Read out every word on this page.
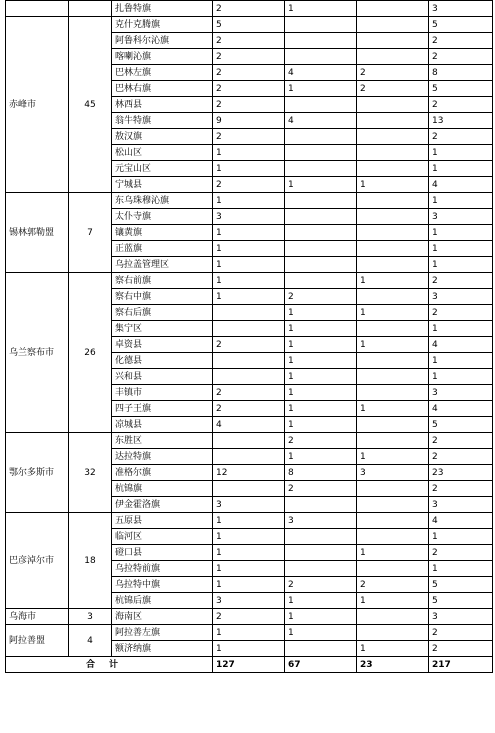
		扎鲁特旗	2	1		3
赤峰市	45	克什克腾旗	5			5
		阿鲁科尔沁旗	2			2
		喀喇沁旗	2			2
		巴林左旗	2	4	2	8
		巴林右旗	2	1	2	5
		林西县	2			2
		翁牛特旗	9	4		13
		敖汉旗	2			2
		松山区	1			1
		元宝山区	1			1
		宁城县	2	1	1	4
锡林郭勒盟	7	东乌珠穆沁旗	1			1
		太仆寺旗	3			3
		镶黄旗	1			1
		正蓝旗	1			1
		乌拉盖管理区	1			1
乌兰察布市	26	察右前旗	1		1	2
		察右中旗	1	2		3
		察右后旗		1	1	2
		集宁区		1		1
		卓资县	2	1	1	4
		化德县		1		1
		兴和县		1		1
		丰镇市	2	1		3
		四子王旗	2	1	1	4
		凉城县	4	1		5
鄂尔多斯市	32	东胜区		2		2
		达拉特旗		1	1	2
		准格尔旗	12	8	3	23
		杭锦旗		2		2
		伊金霍洛旗	3			3
巴彦淖尔市	18	五原县	1	3		4
		临河区	1			1
		磴口县	1		1	2
		乌拉特前旗	1			1
		乌拉特中旗	1	2	2	5
		杭锦后旗	3	1	1	5
乌海市	3	海南区	2	1		3
阿拉善盟	4	阿拉善左旗	1	1		2
		额济纳旗	1		1	2
合计			127	67	23	217
